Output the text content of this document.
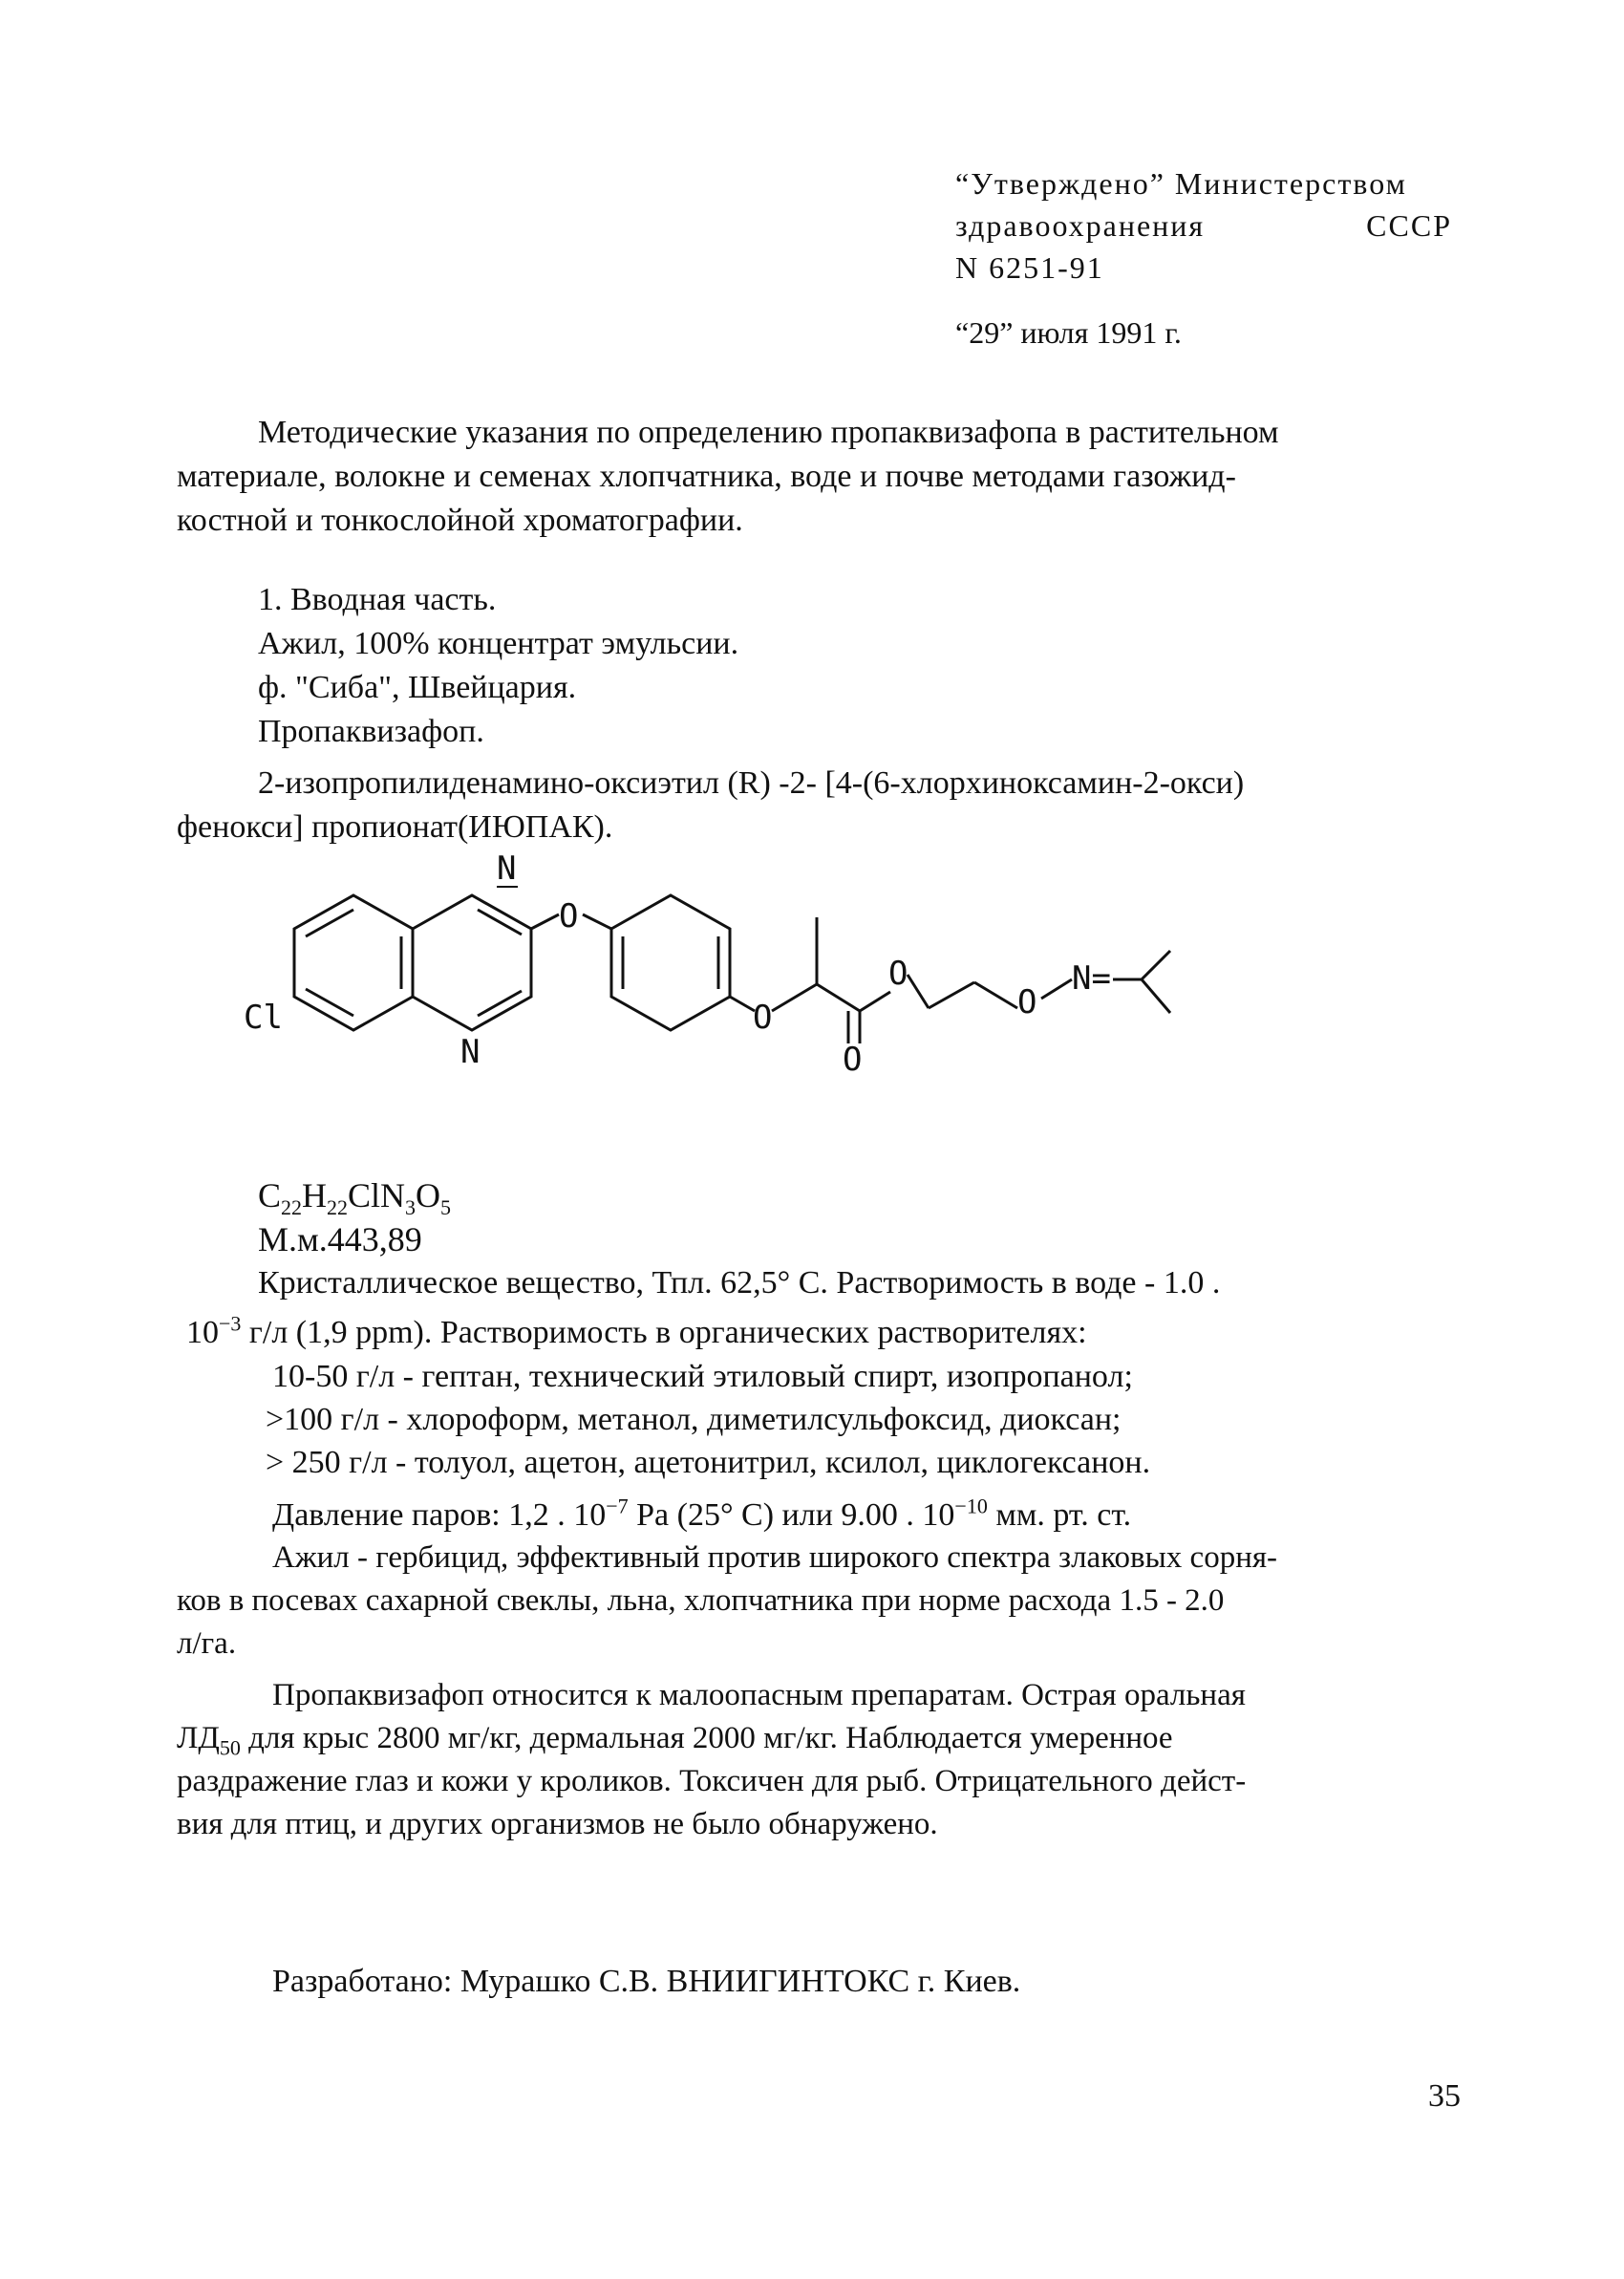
“Утверждено” Министерством
здравоохранения	СССР
N 6251-91
“29” июля 1991 г.
Методические указания по определению пропаквизафопа в растительном
материале, волокне и семенах хлопчатника, воде и почве методами газожид-
костной и тонкослойной хроматографии.
1. Вводная часть.
Ажил, 100% концентрат эмульсии.
ф. "Сиба", Швейцария.
Пропаквизафоп.
2-изопропилиденамино-оксиэтил (R) -2- [4-(6-хлорхиноксамин-2-окси)
фенокси] пропионат(ИЮПАК).
N
N
Cl
O
O
O
O
O
N=
$C_{22}H_{22}ClN_3O_5$
М.м.443,89
Кристаллическое вещество, Тпл. 62,5° С. Растворимость в воде - 1.0 .
$10^{-3}$ г/л (1,9 ppm). Растворимость в органических растворителях:
10-50 г/л - гептан, технический этиловый спирт, изопропанол;
>100 г/л - хлороформ, метанол, диметилсульфоксид, диоксан;
> 250 г/л - толуол, ацетон, ацетонитрил, ксилол, циклогексанон.
Давление паров: 1,2 . $10^{-7}$ Pa (25° C) или 9.00 . $10^{-10}$ мм. рт. ст.
Ажил - гербицид, эффективный против широкого спектра злаковых сорня-
ков в посевах сахарной свеклы, льна, хлопчатника при норме расхода 1.5 - 2.0
л/га.
Пропаквизафоп относится к малоопасным препаратам. Острая оральная
$ЛД_{50}$ для крыс 2800 мг/кг, дермальная 2000 мг/кг. Наблюдается умеренное
раздражение глаз и кожи у кроликов. Токсичен для рыб. Отрицательного дейст-
вия для птиц, и других организмов не было обнаружено.
Разработано: Мурашко С.В. ВНИИГИНТОКС г. Киев.
35
